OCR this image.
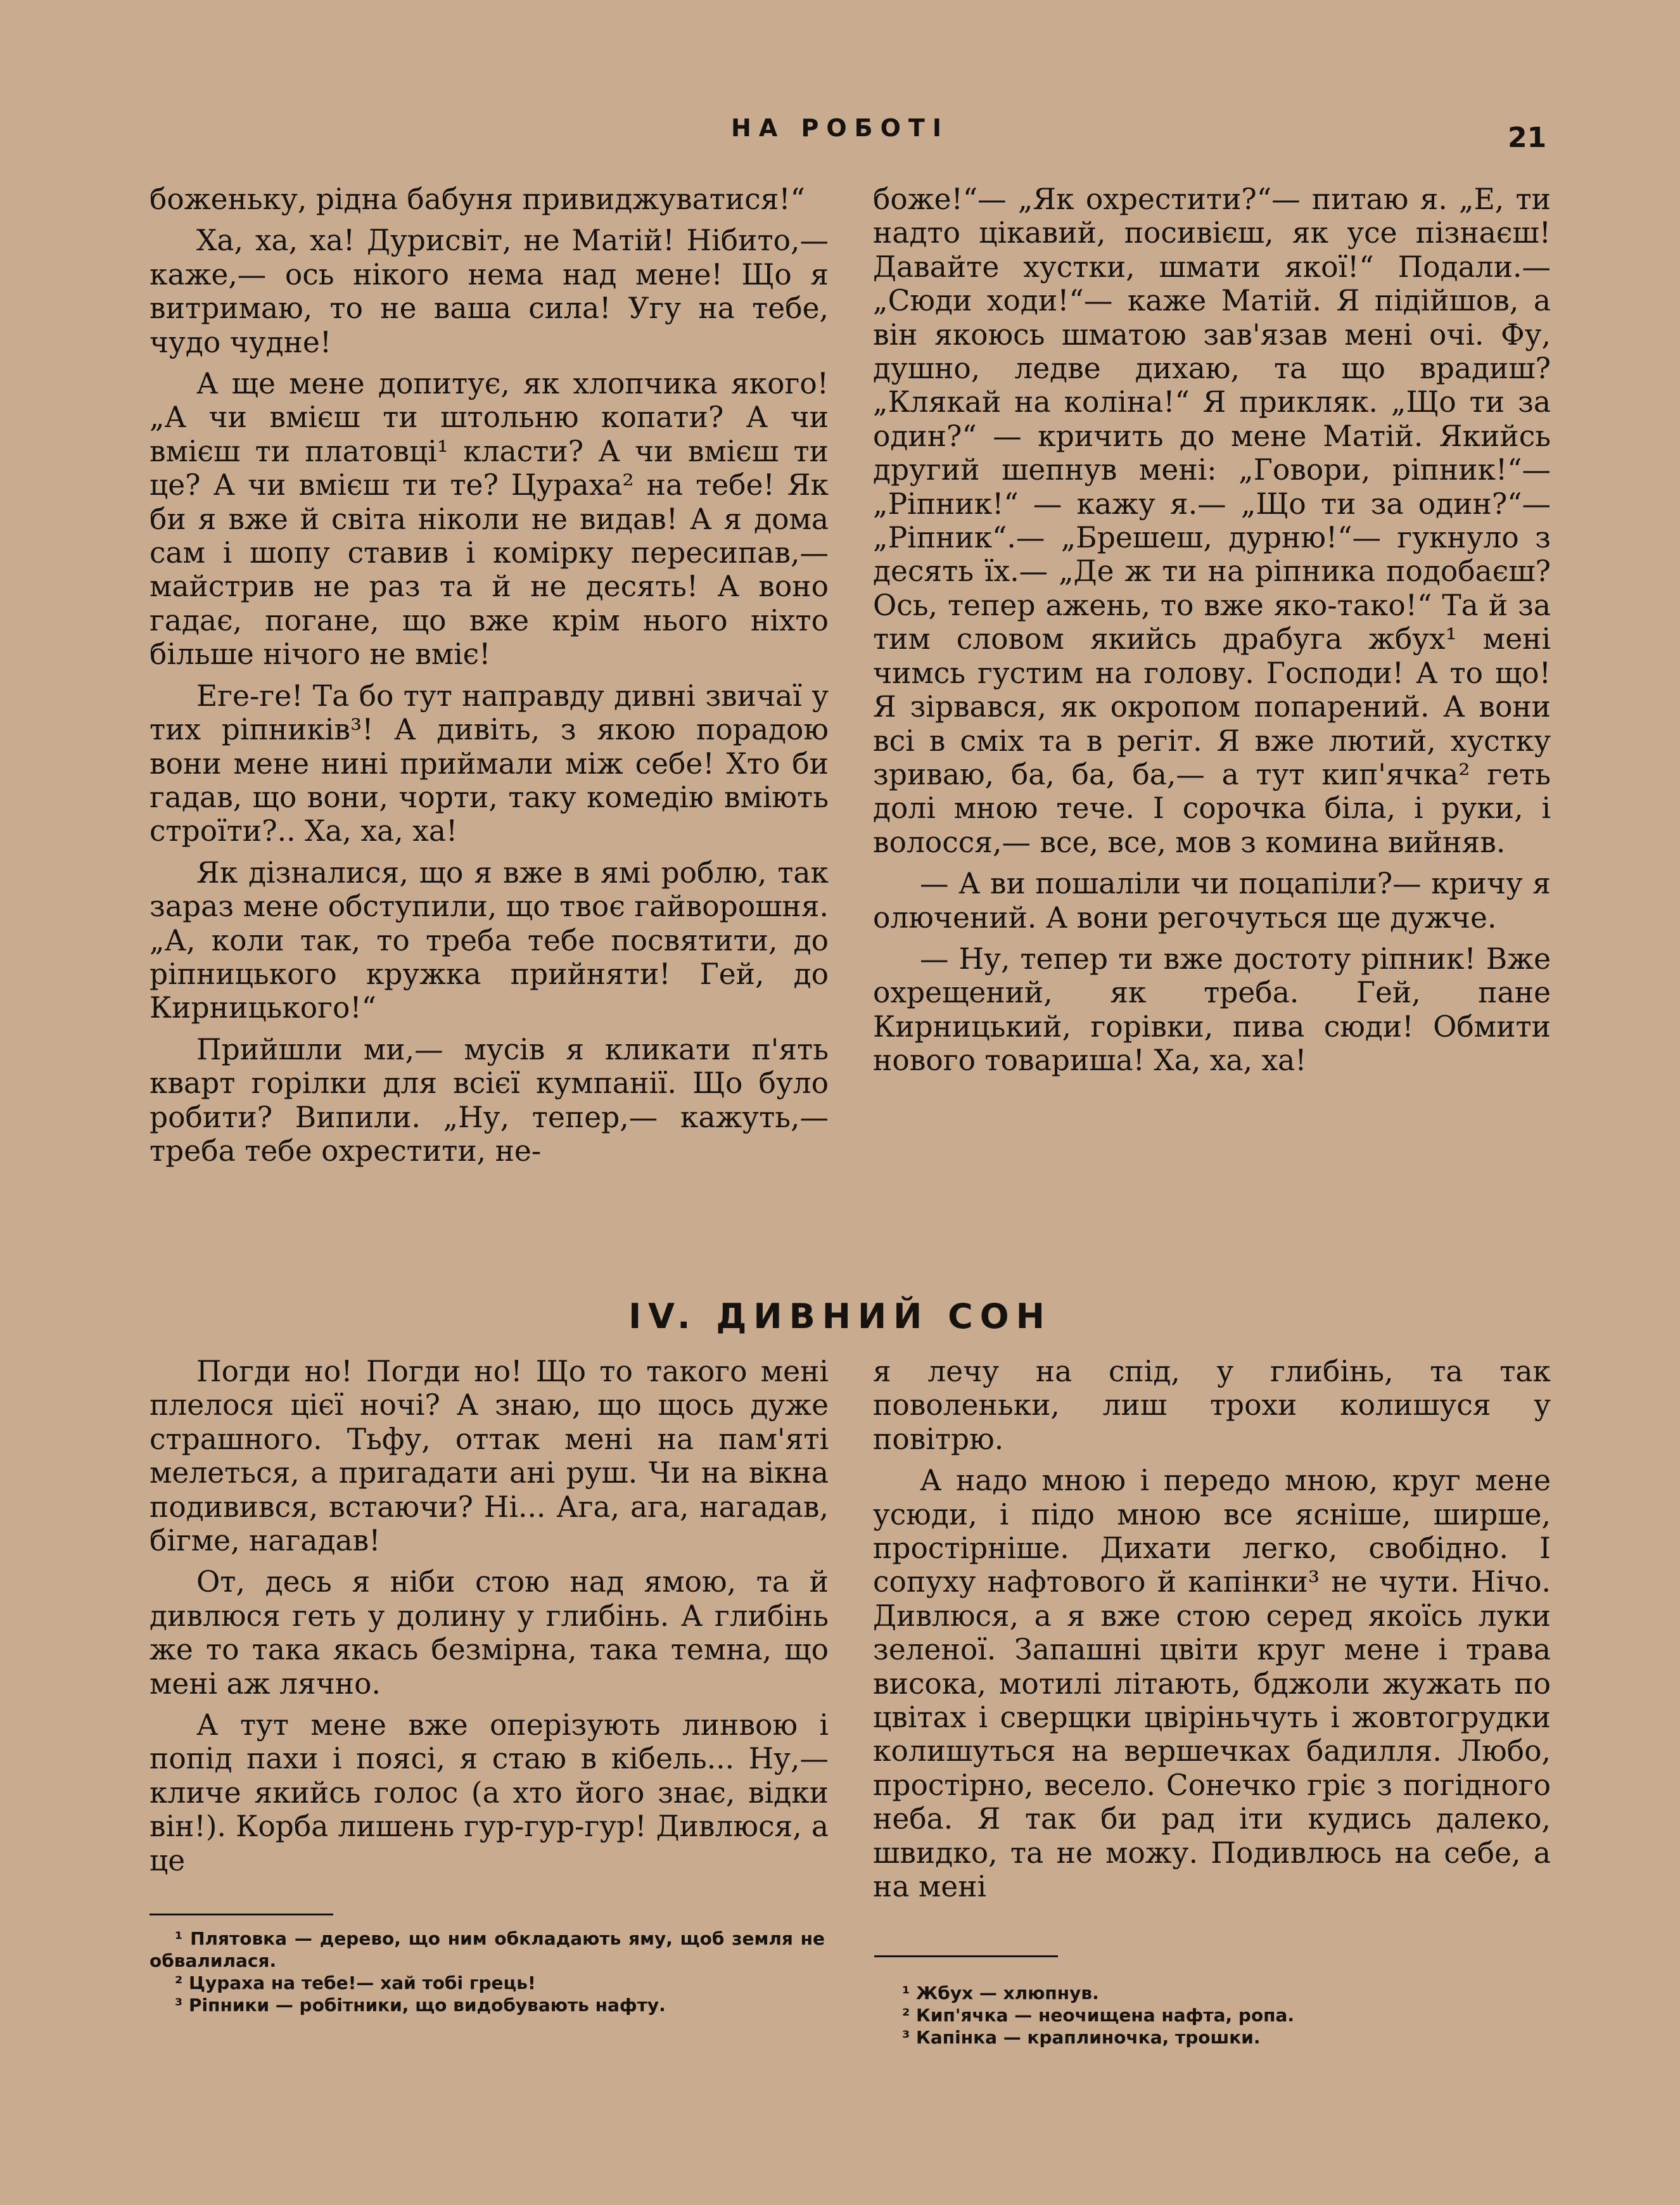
НА РОБОТІ	21

боженьку, рідна бабуня привиджуватися!“

Ха, ха, ха! Дурисвіт, не Матій! Нібито,— каже,— ось нікого нема над мене! Що я витримаю, то не ваша сила! Угу на тебе, чудо чудне!

А ще мене допитує, як хлопчика якого! „А чи вмієш ти штольню копати? А чи вмієш ти платовці¹ класти? А чи вмієш ти це? А чи вмієш ти те? Цураха² на тебе! Як би я вже й світа ніколи не видав! А я дома сам і шопу ставив і комірку пересипав,— майстрив не раз та й не десять! А воно гадає, погане, що вже крім нього ніхто більше нічого не вміє!

Еге-ге! Та бо тут направду дивні звичаї у тих ріпників³! А дивіть, з якою порадою вони мене нині приймали між себе! Хто би гадав, що вони, чорти, таку комедію вміють строїти?.. Ха, ха, ха!

Як дізналися, що я вже в ямі роблю, так зараз мене обступили, що твоє гайворошня. „А, коли так, то треба тебе посвятити, до ріпницького кружка прийняти! Гей, до Кирницького!“

Прийшли ми,— мусів я кликати п'ять кварт горілки для всієї кумпанії. Що було робити? Випили. „Ну, тепер,— кажуть,— треба тебе охрестити, не-

боже!“— „Як охрестити?“— питаю я. „Е, ти надто цікавий, посивієш, як усе пізнаєш! Давайте хустки, шмати якої!“ Подали.— „Сюди ходи!“— каже Матій. Я підійшов, а він якоюсь шматою зав'язав мені очі. Фу, душно, ледве дихаю, та що врадиш? „Клякай на коліна!“ Я прикляк. „Що ти за один?“ — кричить до мене Матій. Якийсь другий шепнув мені: „Говори, ріпник!“— „Ріпник!“ — кажу я.— „Що ти за один?“— „Ріпник“.— „Брешеш, дурню!“— гукнуло з десять їх.— „Де ж ти на ріпника подобаєш? Ось, тепер ажень, то вже яко-тако!“ Та й за тим словом якийсь драбуга жбух¹ мені чимсь густим на голову. Господи! А то що! Я зірвався, як окропом попарений. А вони всі в сміх та в регіт. Я вже лютий, хустку зриваю, ба, ба, ба,— а тут кип'ячка² геть долі мною тече. І сорочка біла, і руки, і волосся,— все, все, мов з комина вийняв.

— А ви пошаліли чи поцапіли?— кричу я олючений. А вони регочуться ще дужче.

— Ну, тепер ти вже достоту ріпник! Вже охрещений, як треба. Гей, пане Кирницький, горівки, пива сюди! Обмити нового товариша! Ха, ха, ха!

IV. ДИВНИЙ СОН

Погди но! Погди но! Що то такого мені плелося цієї ночі? А знаю, що щось дуже страшного. Тьфу, оттак мені на пам'яті мелеться, а пригадати ані руш. Чи на вікна подивився, встаючи? Ні... Ага, ага, нагадав, бігме, нагадав!

От, десь я ніби стою над ямою, та й дивлюся геть у долину у глибінь. А глибінь же то така якась безмірна, така темна, що мені аж лячно.

А тут мене вже оперізують линвою і попід пахи і поясі, я стаю в кібель... Ну,— кличе якийсь голос (а хто його знає, відки він!). Корба лишень гур-гур-гур! Дивлюся, а це

я лечу на спід, у глибінь, та так поволеньки, лиш трохи колишуся у повітрю.

А надо мною і передо мною, круг мене усюди, і підо мною все ясніше, ширше, простірніше. Дихати легко, свобідно. І сопуху нафтового й капінки³ не чути. Нічо. Дивлюся, а я вже стою серед якоїсь луки зеленої. Запашні цвіти круг мене і трава висока, мотилі літають, бджоли жужать по цвітах і сверщки цвіріньчуть і жовтогрудки колишуться на вершечках бадилля. Любо, простірно, весело. Сонечко гріє з погідного неба. Я так би рад іти кудись далеко, швидко, та не можу. Подивлюсь на себе, а на мені

¹ Плятовка — дерево, що ним обкладають яму, щоб земля не обвалилася.

² Цураха на тебе!— хай тобі грець!

³ Ріпники — робітники, що видобувають нафту.

¹ Жбух — хлюпнув.

² Кип'ячка — неочищена нафта, ропа.

³ Капінка — краплиночка, трошки.
